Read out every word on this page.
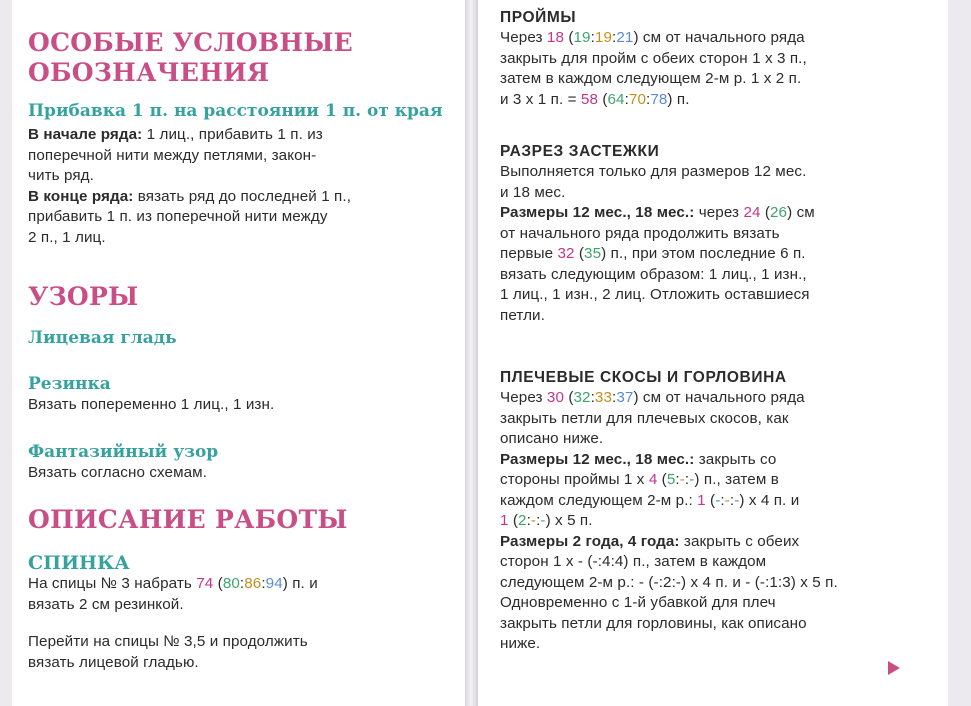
ОСОБЫЕ УСЛОВНЫЕ
ОБОЗНАЧЕНИЯ

Прибавка 1 п. на расстоянии 1 п. от края

В начале ряда: 1 лиц., прибавить 1 п. из

поперечной нити между петлями, закон-

чить ряд.

В конце ряда: вязать ряд до последней 1 п.,

прибавить 1 п. из поперечной нити между

2 п., 1 лиц.

УЗОРЫ

Лицевая гладь

Резинка

Вязать попеременно 1 лиц., 1 изн.

Фантазийный узор

Вязать согласно схемам.

ОПИСАНИЕ РАБОТЫ

СПИНКА

На спицы № 3 набрать 74 (80:86:94) п. и

вязать 2 см резинкой.

Перейти на спицы № 3,5 и продолжить

вязать лицевой гладью.

ПРОЙМЫ

Через 18 (19:19:21) см от начального ряда

закрыть для пройм с обеих сторон 1 х 3 п.,

затем в каждом следующем 2-м р. 1 х 2 п.

и 3 х 1 п. = 58 (64:70:78) п.

РАЗРЕЗ ЗАСТЕЖКИ

Выполняется только для размеров 12 мес.

и 18 мес.

Размеры 12 мес., 18 мес.: через 24 (26) см

от начального ряда продолжить вязать

первые 32 (35) п., при этом последние 6 п.

вязать следующим образом: 1 лиц., 1 изн.,

1 лиц., 1 изн., 2 лиц. Отложить оставшиеся

петли.

ПЛЕЧЕВЫЕ СКОСЫ И ГОРЛОВИНА

Через 30 (32:33:37) см от начального ряда

закрыть петли для плечевых скосов, как

описано ниже.

Размеры 12 мес., 18 мес.: закрыть со

стороны проймы 1 х 4 (5:-:-) п., затем в

каждом следующем 2-м р.: 1 (-:-:-) х 4 п. и

1 (2:-:-) х 5 п.

Размеры 2 года, 4 года: закрыть с обеих

сторон 1 х - (-:4:4) п., затем в каждом

следующем 2-м р.: - (-:2:-) х 4 п. и - (-:1:3) х 5 п.

Одновременно с 1-й убавкой для плеч

закрыть петли для горловины, как описано

ниже.
